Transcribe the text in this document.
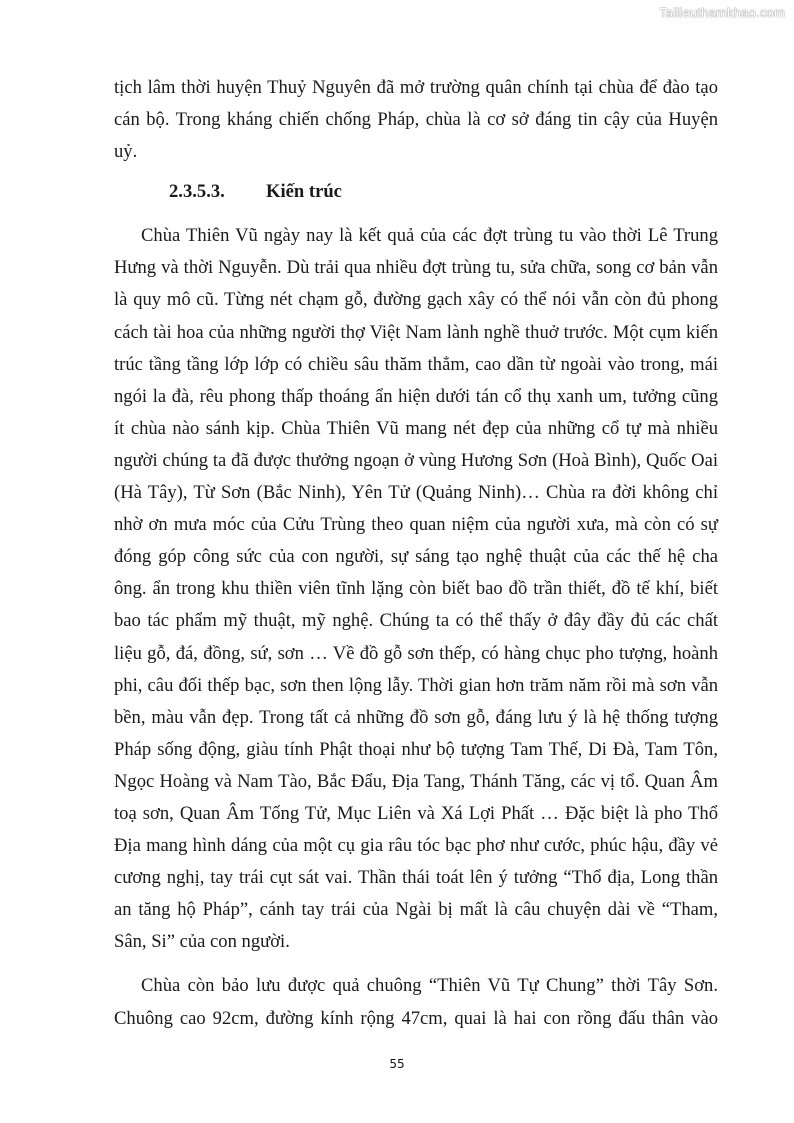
Tailieuthamkhao.com
tịch lâm thời huyện Thuỷ Nguyên đã mở trường quân chính tại chùa để đào tạo
cán bộ. Trong kháng chiến chống Pháp, chùa là cơ sở đáng tin cậy của Huyện
uỷ.
2.3.5.3. Kiến trúc
Chùa Thiên Vũ ngày nay là kết quả của các đợt trùng tu vào thời Lê Trung
Hưng và thời Nguyễn. Dù trải qua nhiều đợt trùng tu, sửa chữa, song cơ bản vẫn
là quy mô cũ. Từng nét chạm gỗ, đường gạch xây có thể nói vẫn còn đủ phong
cách tài hoa của những người thợ Việt Nam lành nghề thuở trước. Một cụm kiến
trúc tầng tầng lớp lớp có chiều sâu thăm thẳm, cao dần từ ngoài vào trong, mái
ngói la đà, rêu phong thấp thoáng ẩn hiện dưới tán cổ thụ xanh um, tưởng cũng
ít chùa nào sánh kịp. Chùa Thiên Vũ mang nét đẹp của những cổ tự mà nhiều
người chúng ta đã được thưởng ngoạn ở vùng Hương Sơn (Hoà Bình), Quốc Oai
(Hà Tây), Từ Sơn (Bắc Ninh), Yên Tử (Quảng Ninh)… Chùa ra đời không chỉ
nhờ ơn mưa móc của Cửu Trùng theo quan niệm của người xưa, mà còn có sự
đóng góp công sức của con người, sự sáng tạo nghệ thuật của các thế hệ cha
ông. ẩn trong khu thiền viên tĩnh lặng còn biết bao đồ trần thiết, đồ tế khí, biết
bao tác phẩm mỹ thuật, mỹ nghệ. Chúng ta có thể thấy ở đây đầy đủ các chất
liệu gỗ, đá, đồng, sứ, sơn … Về đồ gỗ sơn thếp, có hàng chục pho tượng, hoành
phi, câu đối thếp bạc, sơn then lộng lẫy. Thời gian hơn trăm năm rồi mà sơn vẫn
bền, màu vẫn đẹp. Trong tất cả những đồ sơn gỗ, đáng lưu ý là hệ thống tượng
Pháp sống động, giàu tính Phật thoại như bộ tượng Tam Thế, Di Đà, Tam Tôn,
Ngọc Hoàng và Nam Tào, Bắc Đẩu, Địa Tang, Thánh Tăng, các vị tổ. Quan Âm
toạ sơn, Quan Âm Tống Tử, Mục Liên và Xá Lợi Phất … Đặc biệt là pho Thổ
Địa mang hình dáng của một cụ gia râu tóc bạc phơ như cước, phúc hậu, đầy vẻ
cương nghị, tay trái cụt sát vai. Thần thái toát lên ý tưởng “Thổ địa, Long thần
an tăng hộ Pháp”, cánh tay trái của Ngài bị mất là câu chuyện dài về “Tham,
Sân, Si” của con người.
Chùa còn bảo lưu được quả chuông “Thiên Vũ Tự Chung” thời Tây Sơn.
Chuông cao 92cm, đường kính rộng 47cm, quai là hai con rồng đấu thân vào
55
